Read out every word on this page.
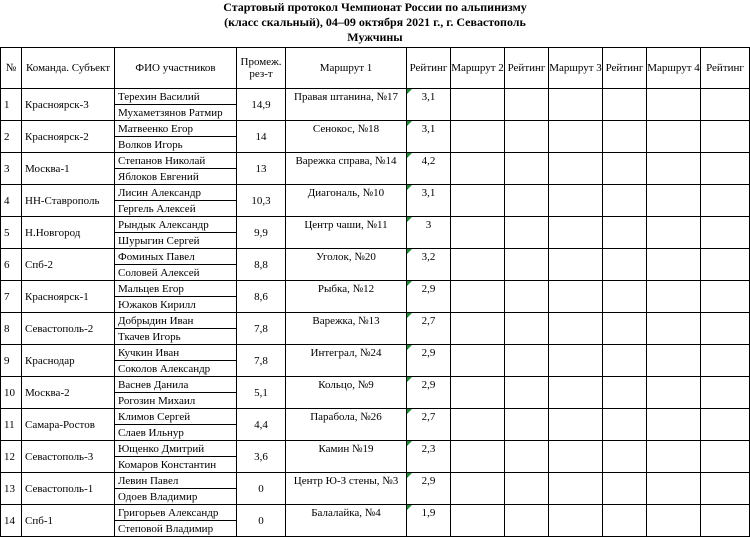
Стартовый протокол Чемпионат России по альпинизму
(класс скальный), 04–09 октября 2021 г., г. Севастополь
Мужчины
№	Команда. Субъект	ФИО участников	Промеж. рез-т	Маршрут 1	Рейтинг	Маршрут 2	Рейтинг	Маршрут 3	Рейтинг	Маршрут 4	Рейтинг
1	Красноярск-3	Терехин Василий	14,9	Правая штанина, №17	3,1						
		Мухаметзянов Ратмир									
2	Красноярск-2	Матвеенко Егор	14	Сенокос, №18	3,1						
		Волков Игорь									
3	Москва-1	Степанов Николай	13	Варежка справа, №14	4,2						
		Яблоков Евгений									
4	НН-Ставрополь	Лисин Александр	10,3	Диагональ, №10	3,1						
		Гергель Алексей									
5	Н.Новгород	Рындык Александр	9,9	Центр чаши, №11	3						
		Шурыгин Сергей									
6	Спб-2	Фоминых Павел	8,8	Уголок, №20	3,2						
		Соловей Алексей									
7	Красноярск-1	Мальцев Егор	8,6	Рыбка, №12	2,9						
		Южаков Кирилл									
8	Севастополь-2	Добрыдин Иван	7,8	Варежка, №13	2,7						
		Ткачев Игорь									
9	Краснодар	Кучкин Иван	7,8	Интеграл, №24	2,9						
		Соколов Александр									
10	Москва-2	Васнев Данила	5,1	Кольцо, №9	2,9						
		Рогозин Михаил									
11	Самара-Ростов	Климов Сергей	4,4	Парабола, №26	2,7						
		Слаев Ильнур									
12	Севастополь-3	Ющенко Дмитрий	3,6	Камин №19	2,3						
		Комаров Константин									
13	Севастополь-1	Левин Павел	0	Центр Ю-З стены, №3	2,9						
		Одоев Владимир									
14	Спб-1	Григорьев Александр	0	Балалайка, №4	1,9						
		Степовой Владимир									
